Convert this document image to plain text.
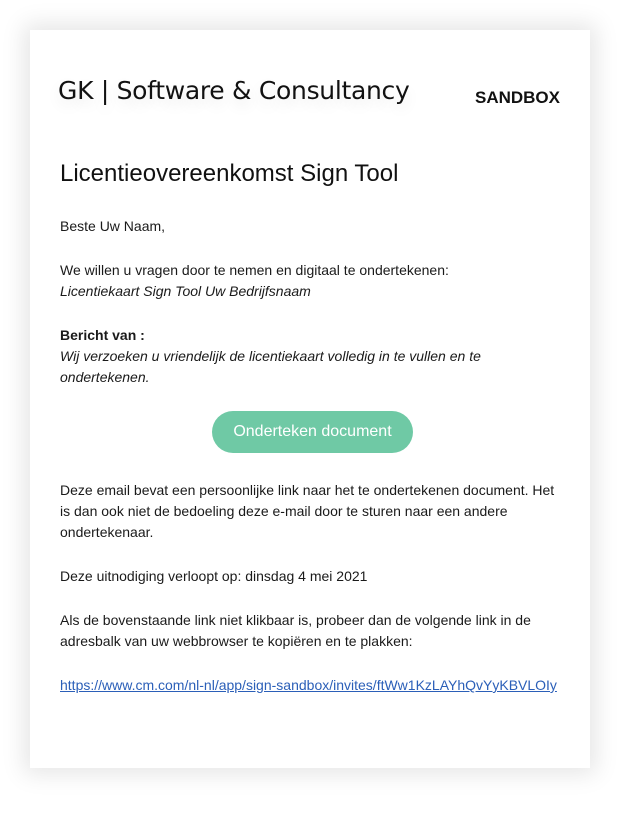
GK | Software & Consultancy	SANDBOX
Licentieovereenkomst Sign Tool

Beste Uw Naam,

We willen u vragen door te nemen en digitaal te ondertekenen:

Licentiekaart Sign Tool Uw Bedrijfsnaam

Bericht van :

Wij verzoeken u vriendelijk de licentiekaart volledig in te vullen en te ondertekenen.

Onderteken document

Deze email bevat een persoonlijke link naar het te ondertekenen document. Het is dan ook niet de bedoeling deze e-mail door te sturen naar een andere ondertekenaar.

Deze uitnodiging verloopt op: dinsdag 4 mei 2021

Als de bovenstaande link niet klikbaar is, probeer dan de volgende link in de adresbalk van uw webbrowser te kopiëren en te plakken:

https://www.cm.com/nl-nl/app/sign-sandbox/invites/ftWw1KzLAYhQvYyKBVLOIy
